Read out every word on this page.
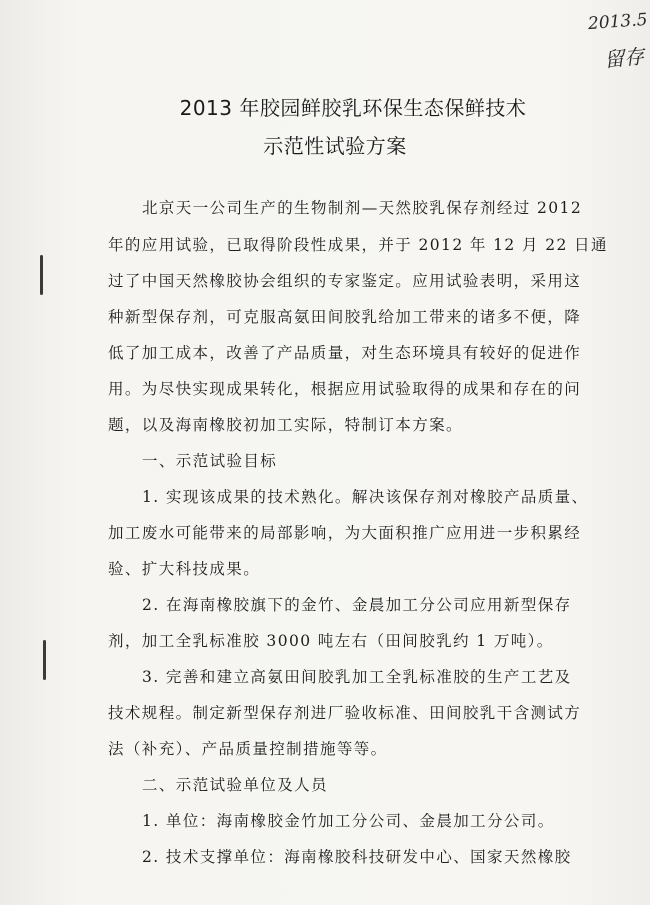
2013.5
留存
2013 年胶园鲜胶乳环保生态保鲜技术
示范性试验方案
北京天一公司生产的生物制剂—天然胶乳保存剂经过 2012
年的应用试验，已取得阶段性成果，并于 2012 年 12 月 22 日通
过了中国天然橡胶协会组织的专家鉴定。应用试验表明，采用这
种新型保存剂，可克服高氨田间胶乳给加工带来的诸多不便，降
低了加工成本，改善了产品质量，对生态环境具有较好的促进作
用。为尽快实现成果转化，根据应用试验取得的成果和存在的问
题，以及海南橡胶初加工实际，特制订本方案。
一、示范试验目标
1. 实现该成果的技术熟化。解决该保存剂对橡胶产品质量、
加工废水可能带来的局部影响，为大面积推广应用进一步积累经
验、扩大科技成果。
2. 在海南橡胶旗下的金竹、金晨加工分公司应用新型保存
剂，加工全乳标准胶 3000 吨左右（田间胶乳约 1 万吨）。
3. 完善和建立高氨田间胶乳加工全乳标准胶的生产工艺及
技术规程。制定新型保存剂进厂验收标准、田间胶乳干含测试方
法（补充）、产品质量控制措施等等。
二、示范试验单位及人员
1. 单位：海南橡胶金竹加工分公司、金晨加工分公司。
2. 技术支撑单位：海南橡胶科技研发中心、国家天然橡胶
